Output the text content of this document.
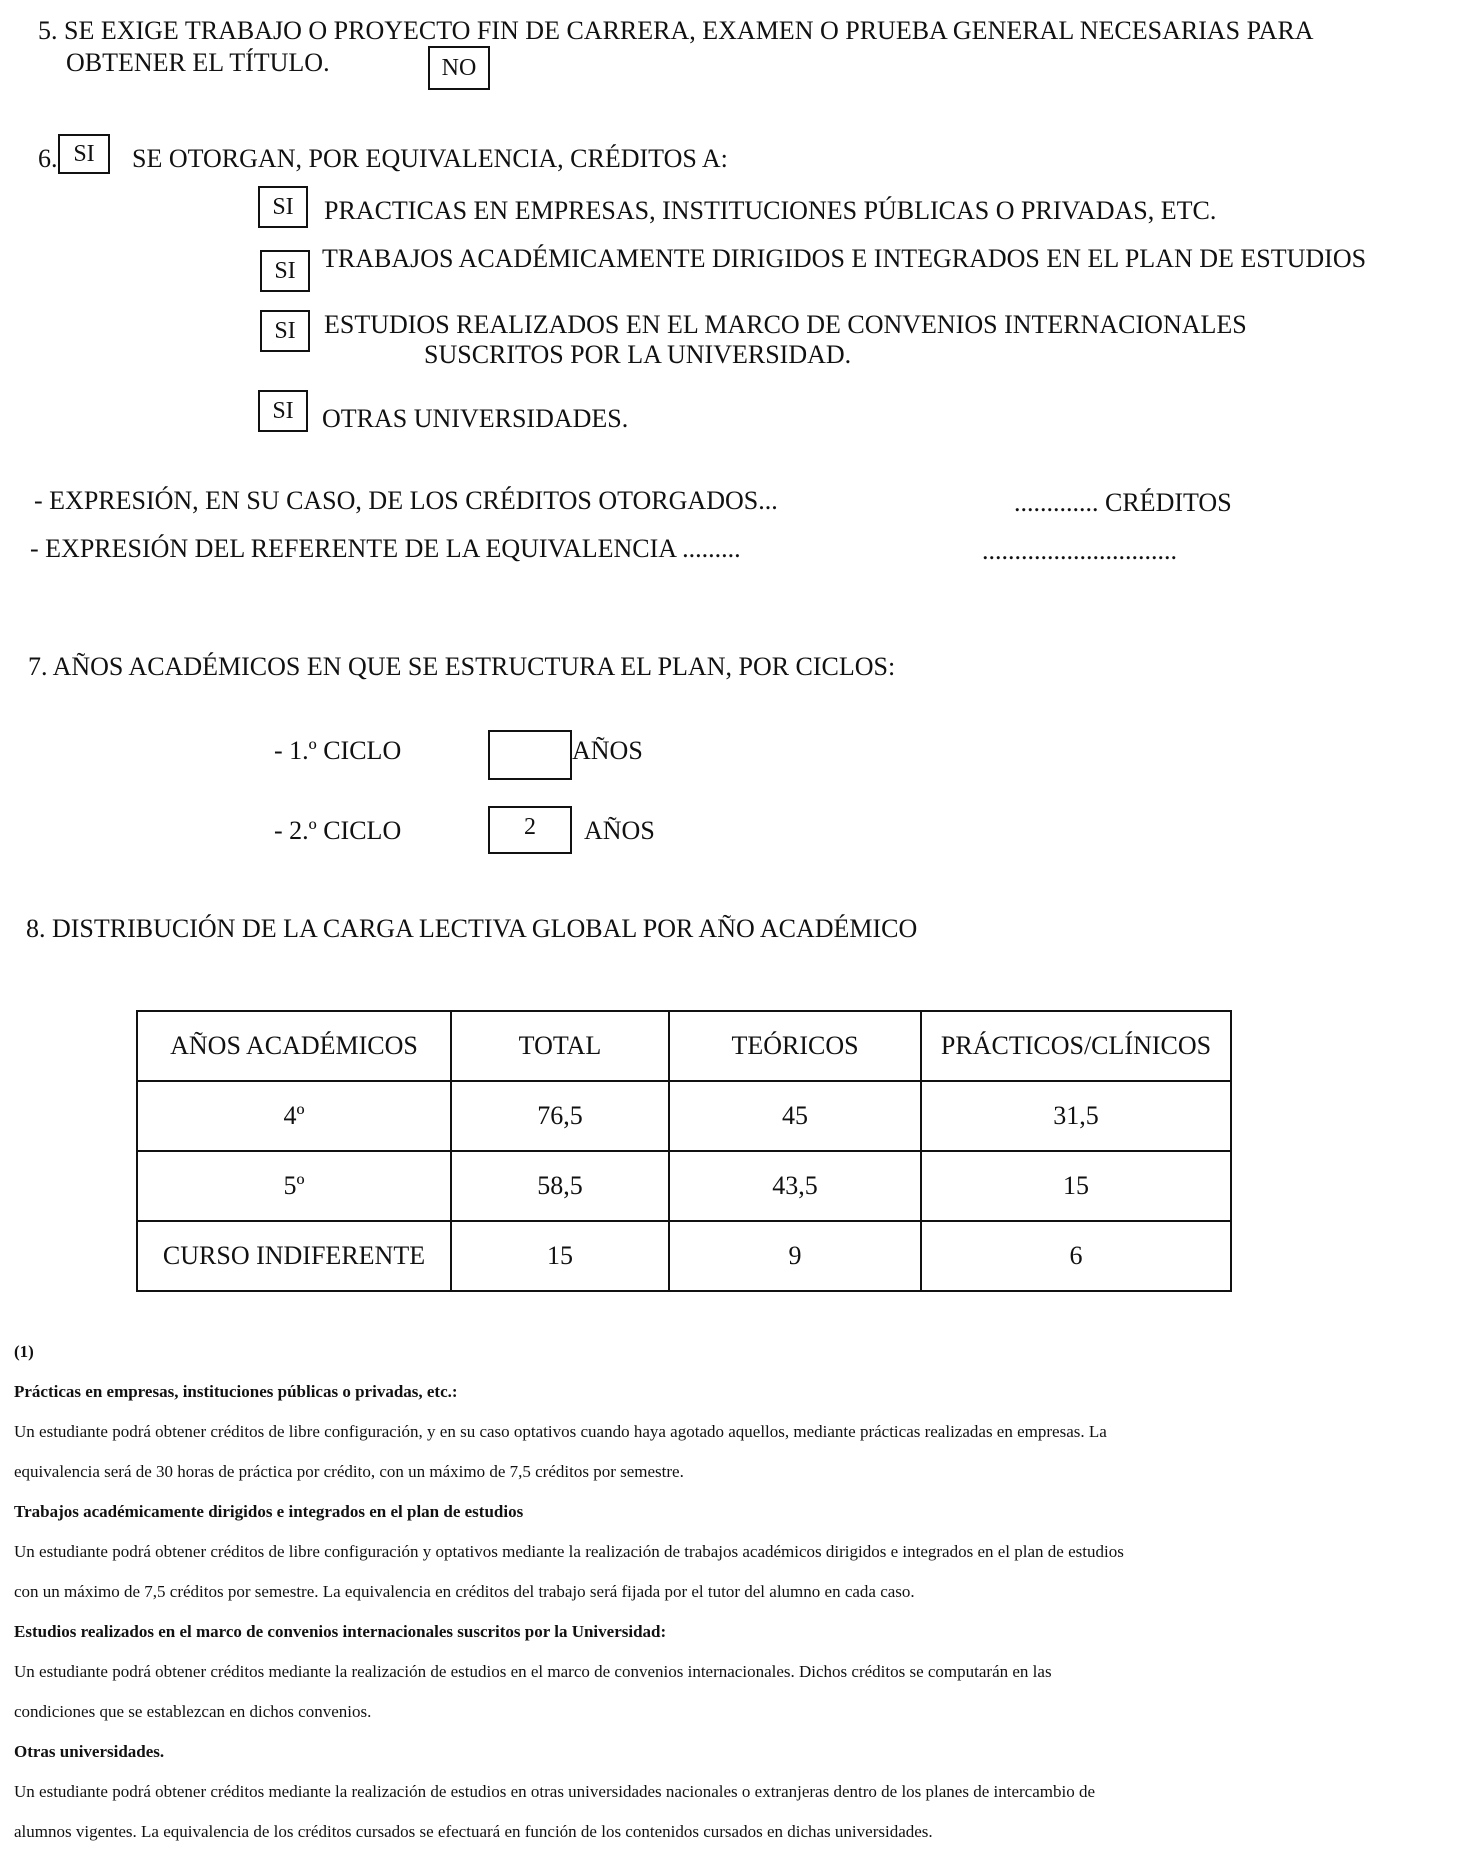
5. SE EXIGE TRABAJO O PROYECTO FIN DE CARRERA, EXAMEN O PRUEBA GENERAL NECESARIAS PARA
OBTENER EL TÍTULO.	NO
6. SI	SE OTORGAN, POR EQUIVALENCIA, CRÉDITOS A:
SI	PRACTICAS EN EMPRESAS, INSTITUCIONES PÚBLICAS O PRIVADAS, ETC.
SI	TRABAJOS ACADÉMICAMENTE DIRIGIDOS E INTEGRADOS EN EL PLAN DE ESTUDIOS
SI	ESTUDIOS REALIZADOS EN EL MARCO DE CONVENIOS INTERNACIONALES
SUSCRITOS POR LA UNIVERSIDAD.
SI	OTRAS UNIVERSIDADES.
- EXPRESIÓN, EN SU CASO, DE LOS CRÉDITOS OTORGADOS...	............. CRÉDITOS
- EXPRESIÓN DEL REFERENTE DE LA EQUIVALENCIA .........	..............................
7. AÑOS ACADÉMICOS EN QUE SE ESTRUCTURA EL PLAN, POR CICLOS:
- 1.º CICLO	AÑOS
- 2.º CICLO	2	AÑOS
8. DISTRIBUCIÓN DE LA CARGA LECTIVA GLOBAL POR AÑO ACADÉMICO
AÑOS ACADÉMICOS	TOTAL	TEÓRICOS	PRÁCTICOS/CLÍNICOS
4º	76,5	45	31,5
5º	58,5	43,5	15
CURSO INDIFERENTE	15	9	6

(1)

Prácticas en empresas, instituciones públicas o privadas, etc.:

Un estudiante podrá obtener créditos de libre configuración, y en su caso optativos cuando haya agotado aquellos, mediante prácticas realizadas en empresas. La

equivalencia será de 30 horas de práctica por crédito, con un máximo de 7,5 créditos por semestre.

Trabajos académicamente dirigidos e integrados en el plan de estudios

Un estudiante podrá obtener créditos de libre configuración y optativos mediante la realización de trabajos académicos dirigidos e integrados en el plan de estudios

con un máximo de 7,5 créditos por semestre. La equivalencia en créditos del trabajo será fijada por el tutor del alumno en cada caso.

Estudios realizados en el marco de convenios internacionales suscritos por la Universidad:

Un estudiante podrá obtener créditos mediante la realización de estudios en el marco de convenios internacionales. Dichos créditos se computarán en las

condiciones que se establezcan en dichos convenios.

Otras universidades.

Un estudiante podrá obtener créditos mediante la realización de estudios en otras universidades nacionales o extranjeras dentro de los planes de intercambio de

alumnos vigentes. La equivalencia de los créditos cursados se efectuará en función de los contenidos cursados en dichas universidades.
